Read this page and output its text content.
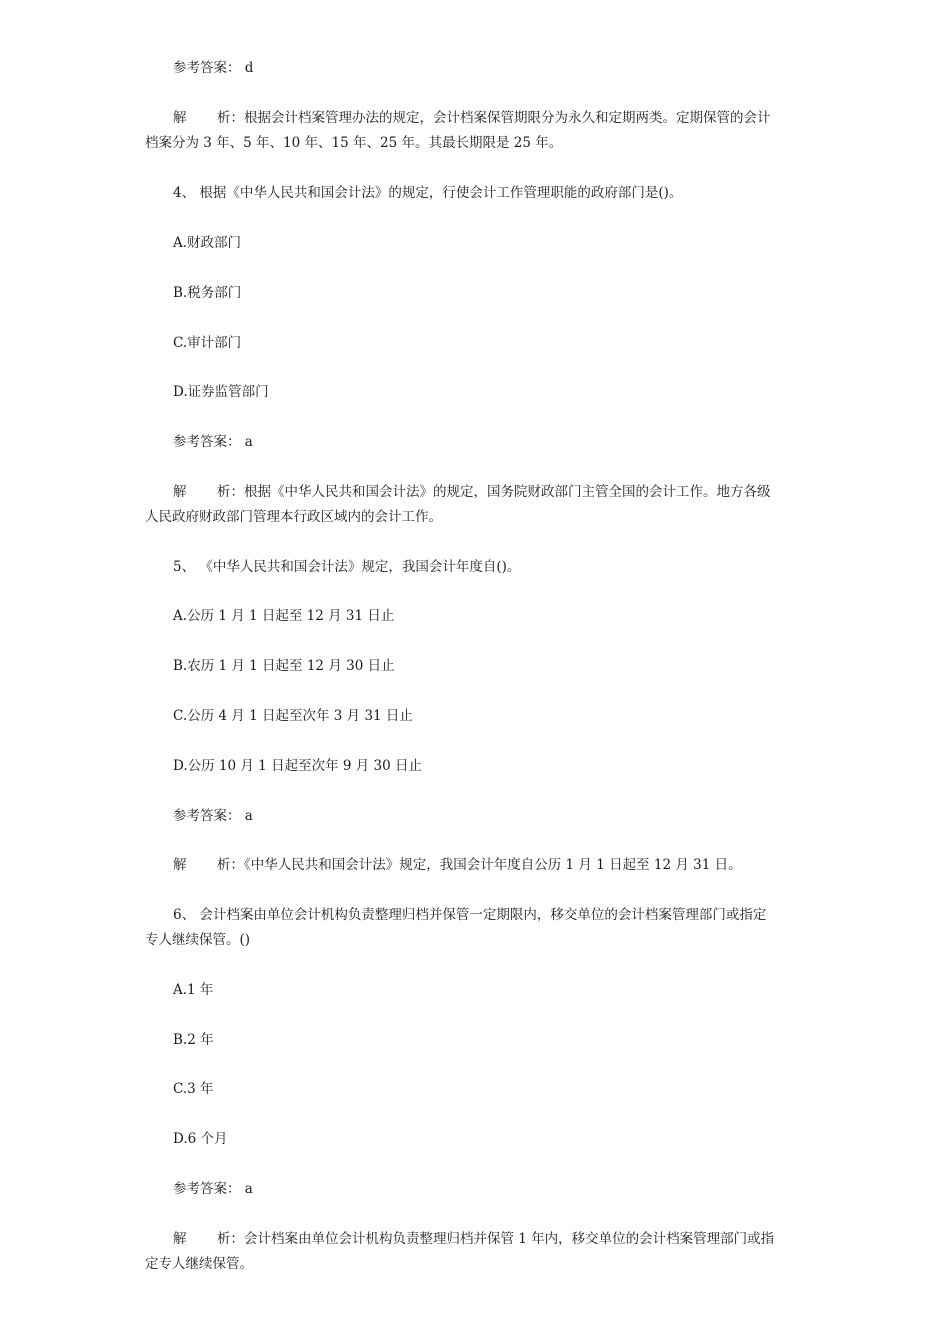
参考答案： d
解 析：根据会计档案管理办法的规定，会计档案保管期限分为永久和定期两类。定期保管的会计
档案分为 3 年、5 年、10 年、15 年、25 年。其最长期限是 25 年。
4、 根据《中华人民共和国会计法》的规定，行使会计工作管理职能的政府部门是()。
A.财政部门
B.税务部门
C.审计部门
D.证券监管部门
参考答案： a
解 析：根据《中华人民共和国会计法》的规定，国务院财政部门主管全国的会计工作。地方各级
人民政府财政部门管理本行政区域内的会计工作。
5、 《中华人民共和国会计法》规定，我国会计年度自()。
A.公历 1 月 1 日起至 12 月 31 日止
B.农历 1 月 1 日起至 12 月 30 日止
C.公历 4 月 1 日起至次年 3 月 31 日止
D.公历 10 月 1 日起至次年 9 月 30 日止
参考答案： a
解 析：《中华人民共和国会计法》规定，我国会计年度自公历 1 月 1 日起至 12 月 31 日。
6、 会计档案由单位会计机构负责整理归档并保管一定期限内，移交单位的会计档案管理部门或指定
专人继续保管。()
A.1 年
B.2 年
C.3 年
D.6 个月
参考答案： a
解 析：会计档案由单位会计机构负责整理归档并保管 1 年内，移交单位的会计档案管理部门或指
定专人继续保管。
